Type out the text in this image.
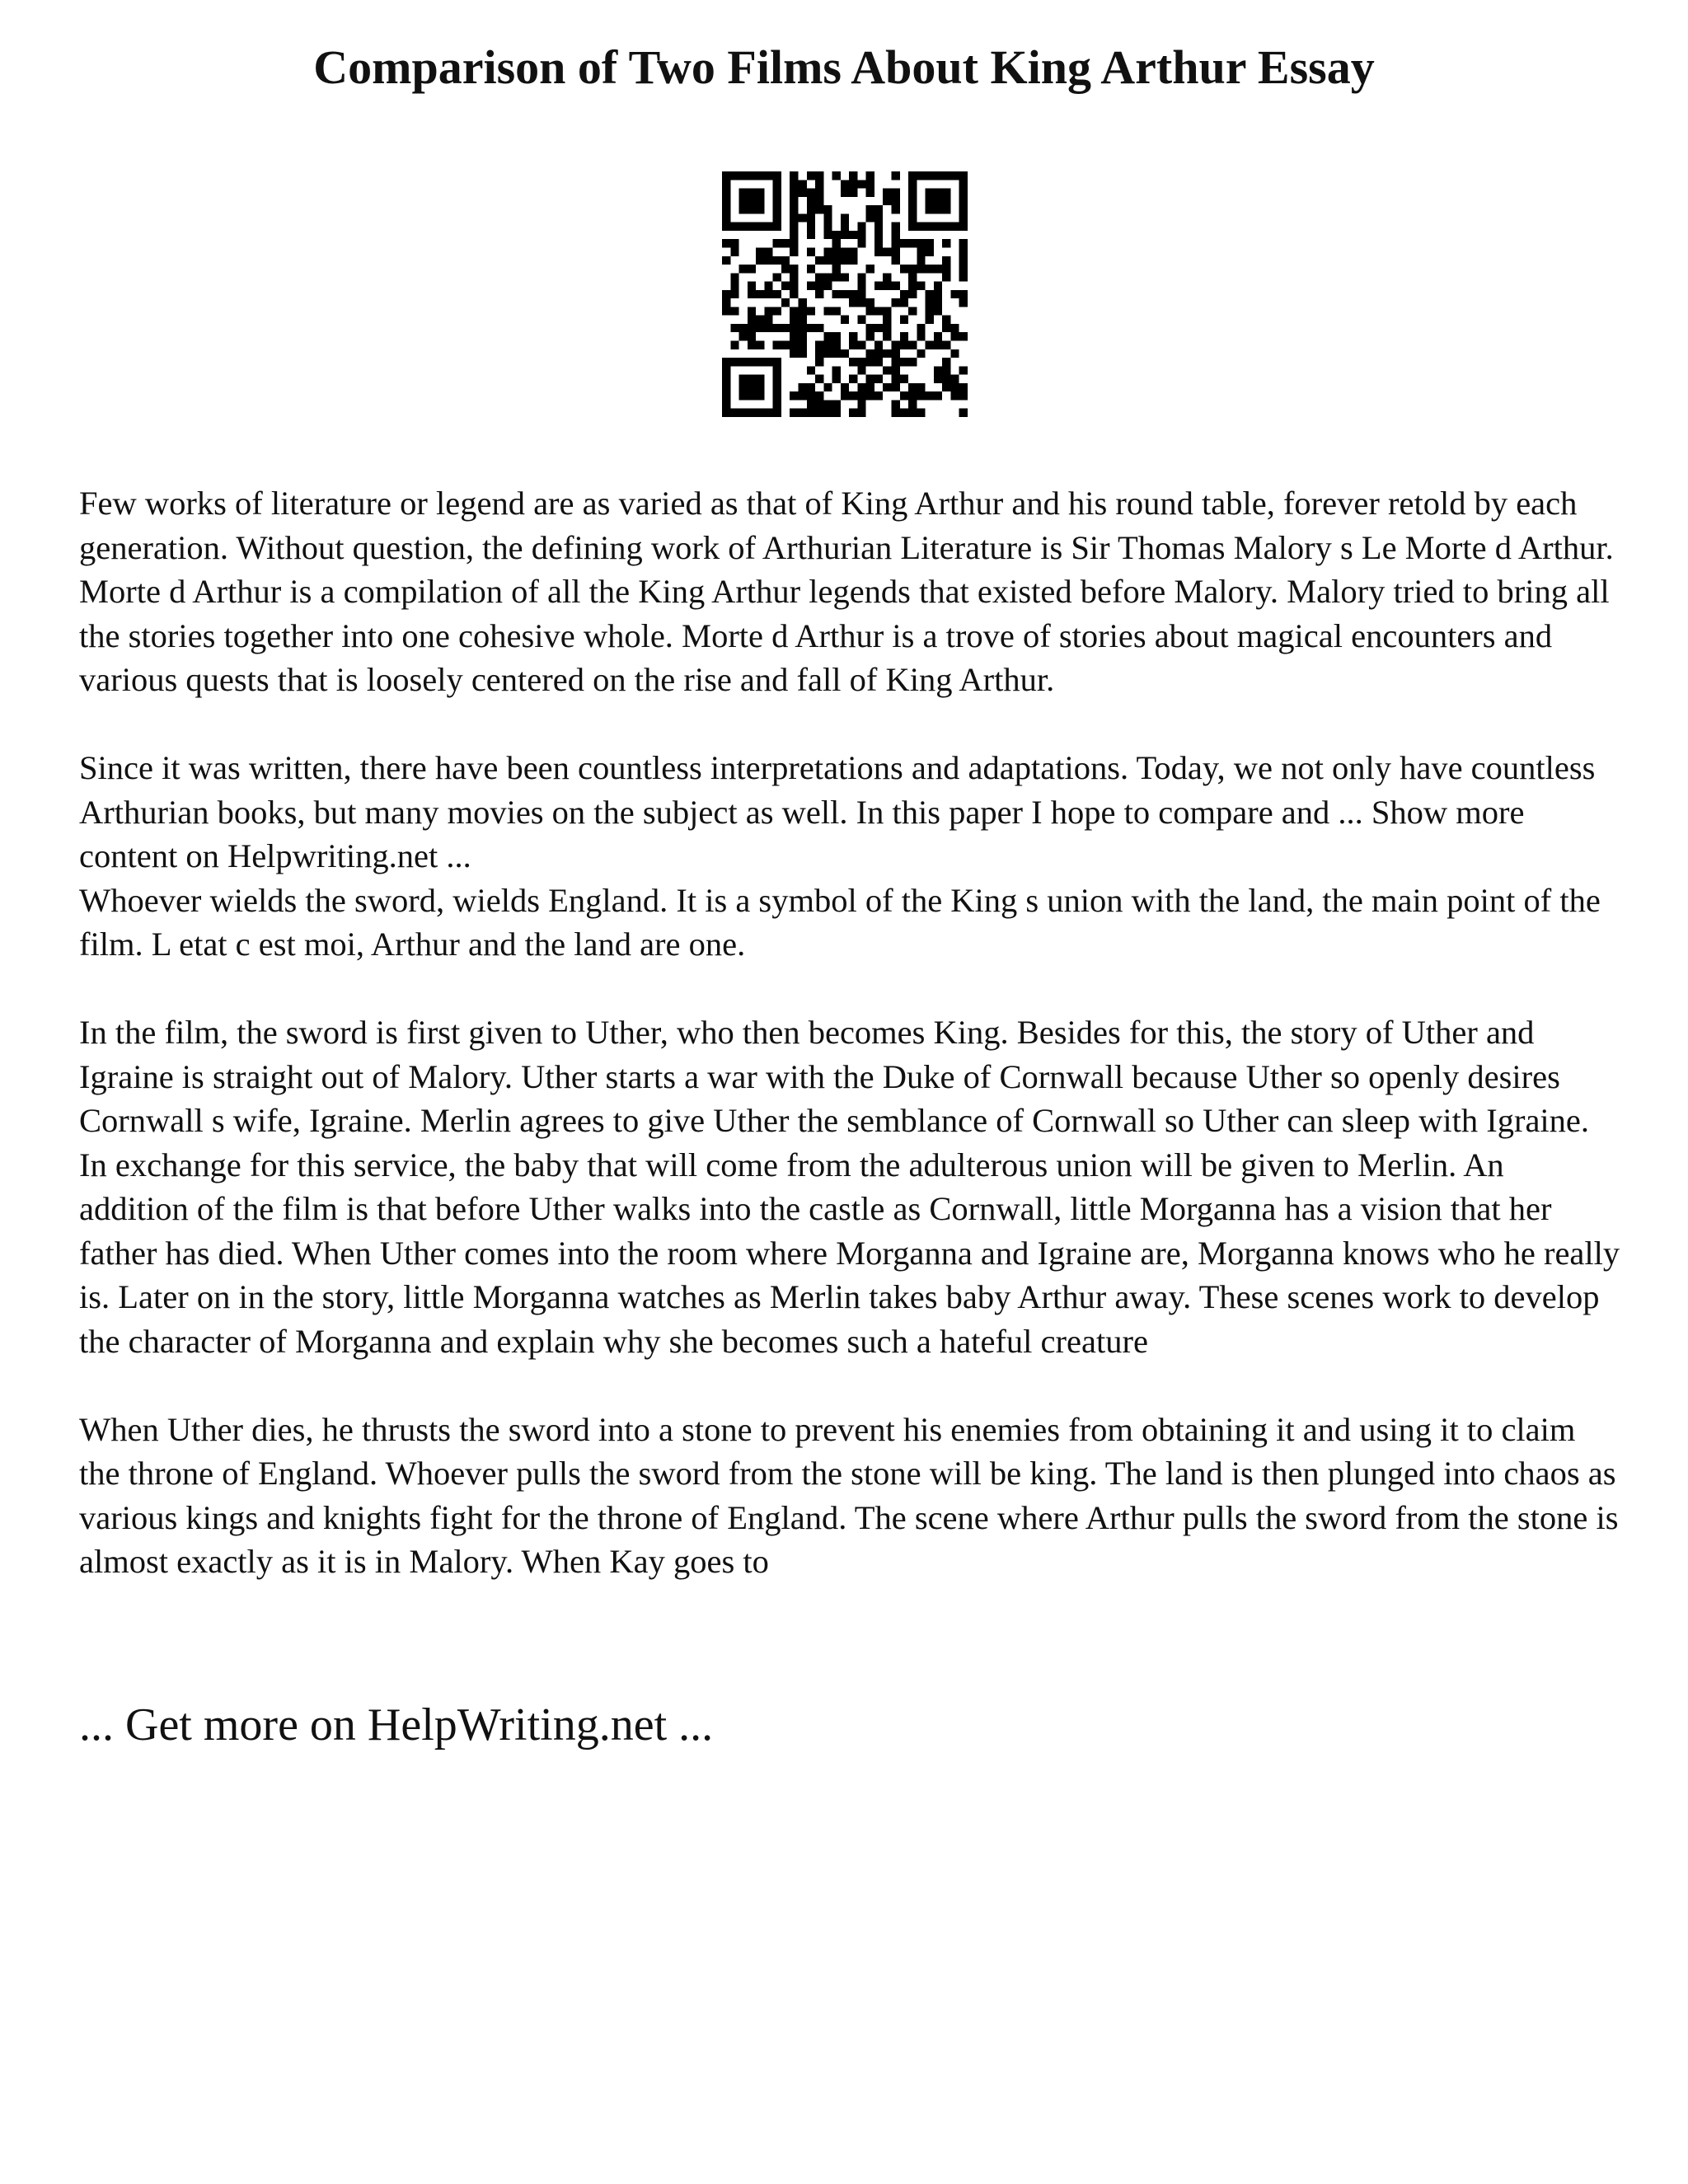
Comparison of Two Films About King Arthur Essay

Few works of literature or legend are as varied as that of King Arthur and his round table, forever retold by each generation. Without question, the defining work of Arthurian Literature is Sir Thomas Malory s Le Morte d Arthur. Morte d Arthur is a compilation of all the King Arthur legends that existed before Malory. Malory tried to bring all the stories together into one cohesive whole. Morte d Arthur is a trove of stories about magical encounters and various quests that is loosely centered on the rise and fall of King Arthur.

Since it was written, there have been countless interpretations and adaptations. Today, we not only have countless Arthurian books, but many movies on the subject as well. In this paper I hope to compare and ... Show more content on Helpwriting.net ...

Whoever wields the sword, wields England. It is a symbol of the King s union with the land, the main point of the film. L etat c est moi, Arthur and the land are one.

In the film, the sword is first given to Uther, who then becomes King. Besides for this, the story of Uther and Igraine is straight out of Malory. Uther starts a war with the Duke of Cornwall because Uther so openly desires Cornwall s wife, Igraine. Merlin agrees to give Uther the semblance of Cornwall so Uther can sleep with Igraine. In exchange for this service, the baby that will come from the adulterous union will be given to Merlin. An addition of the film is that before Uther walks into the castle as Cornwall, little Morganna has a vision that her father has died. When Uther comes into the room where Morganna and Igraine are, Morganna knows who he really is. Later on in the story, little Morganna watches as Merlin takes baby Arthur away. These scenes work to develop the character of Morganna and explain why she becomes such a hateful creature

When Uther dies, he thrusts the sword into a stone to prevent his enemies from obtaining it and using it to claim the throne of England. Whoever pulls the sword from the stone will be king. The land is then plunged into chaos as various kings and knights fight for the throne of England. The scene where Arthur pulls the sword from the stone is almost exactly as it is in Malory. When Kay goes to

... Get more on HelpWriting.net ...
